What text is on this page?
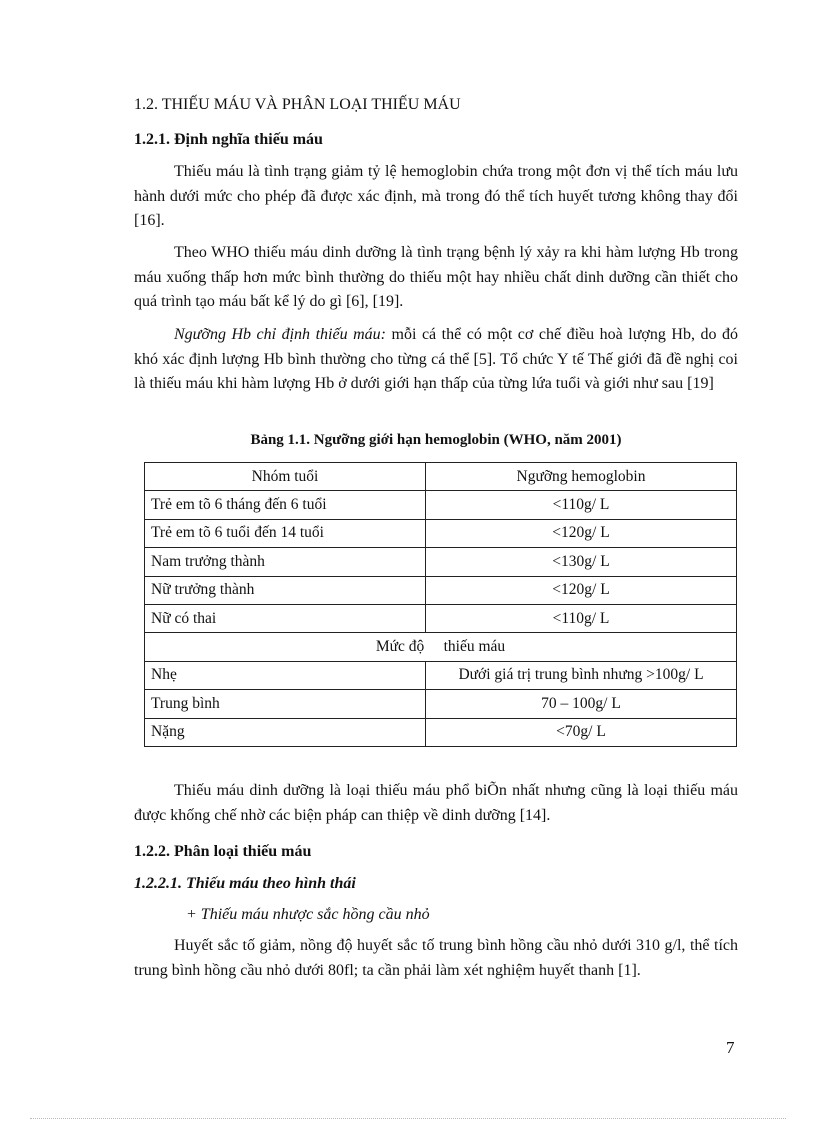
1.2. THIẾU MÁU VÀ PHÂN LOẠI THIẾU MÁU
1.2.1. Định nghĩa thiếu máu

Thiếu máu là tình trạng giảm tỷ lệ hemoglobin chứa trong một đơn vị thể tích máu lưu hành dưới mức cho phép đã được xác định, mà trong đó thể tích huyết tương không thay đổi [16].

Theo WHO thiếu máu dinh dưỡng là tình trạng bệnh lý xảy ra khi hàm lượng Hb trong máu xuống thấp hơn mức bình thường do thiếu một hay nhiều chất dinh dưỡng cần thiết cho quá trình tạo máu bất kể lý do gì [6], [19].

Ngưỡng Hb chỉ định thiếu máu: mỗi cá thể có một cơ chế điều hoà lượng Hb, do đó khó xác định lượng Hb bình thường cho từng cá thể [5]. Tổ chức Y tế Thế giới đã đề nghị coi là thiếu máu khi hàm lượng Hb ở dưới giới hạn thấp của từng lứa tuổi và giới như sau [19]

Bảng 1.1. Ngưỡng giới hạn hemoglobin (WHO, năm 2001)
Nhóm tuổi	Ngưỡng hemoglobin
Trẻ em tõ 6 tháng đến 6 tuổi	<110g/ L
Trẻ em tõ 6 tuổi đến 14 tuổi	<120g/ L
Nam trưởng thành	<130g/ L
Nữ trưởng thành	<120g/ L
Nữ có thai	<110g/ L
Mức độ     thiếu máu	
Nhẹ	Dưới giá trị trung bình nhưng >100g/ L
Trung bình	70 – 100g/ L
Nặng	<70g/ L

Thiếu máu dinh dưỡng là loại thiếu máu phổ biÕn nhất nhưng cũng là loại thiếu máu được khống chế nhờ các biện pháp can thiệp về dinh dưỡng [14].

1.2.2. Phân loại thiếu máu
1.2.2.1. Thiếu máu theo hình thái
+ Thiếu máu nhược sắc hồng cầu nhỏ

Huyết sắc tố giảm, nồng độ huyết sắc tố trung bình hồng cầu nhỏ dưới 310 g/l, thể tích trung bình hồng cầu nhỏ dưới 80fl; ta cần phải làm xét nghiệm huyết thanh [1].

7
